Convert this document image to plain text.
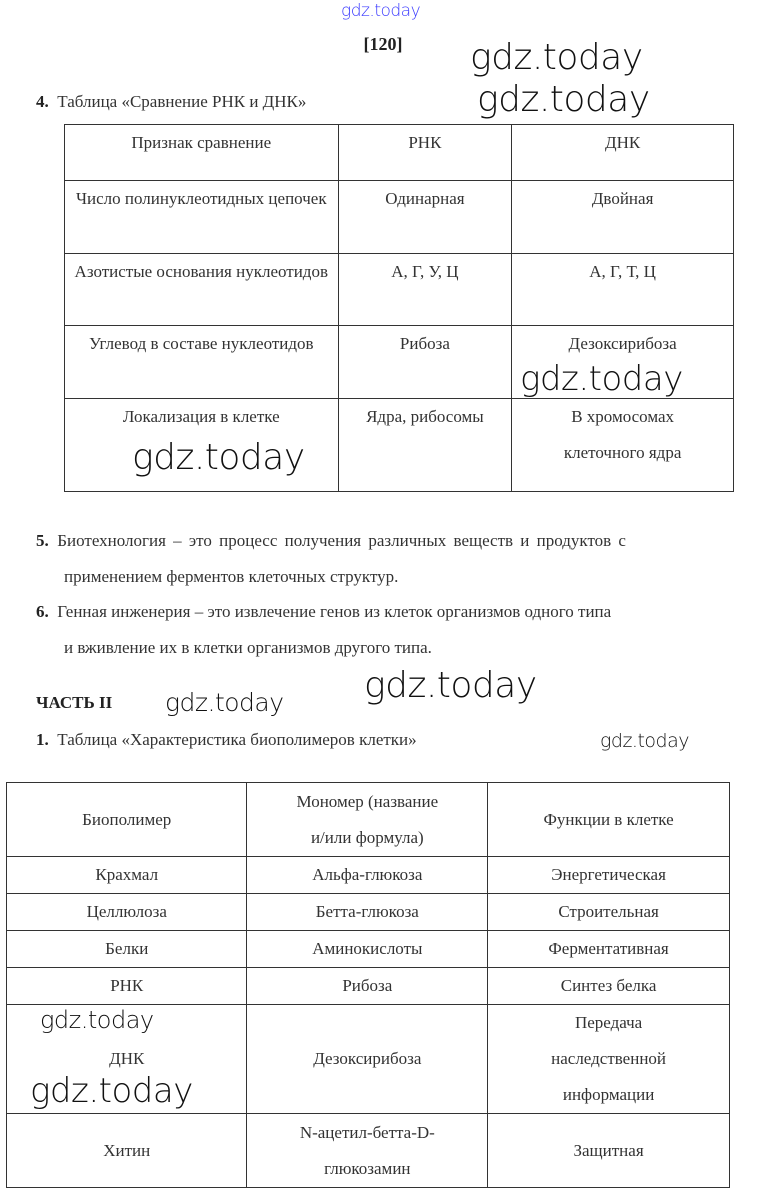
gdz.today
[120]
4. Таблица «Сравнение РНК и ДНК»
Признак сравнение	РНК	ДНК
Число полинуклеотидных цепочек	Одинарная	Двойная
Азотистые основания нуклеотидов	А, Г, У, Ц	А, Г, Т, Ц
Углевод в составе нуклеотидов	Рибоза	Дезоксирибоза
Локализация в клетке	Ядра, рибосомы	В хромосомах клеточного ядра
5. Биотехнология – это процесс получения различных веществ и продуктов с
применением ферментов клеточных структур.
6. Генная инженерия – это извлечение генов из клеток организмов одного типа
и вживление их в клетки организмов другого типа.
ЧАСТЬ II
1. Таблица «Характеристика биополимеров клетки»
Биополимер	Мономер (название и/или формула)	Функции в клетке
Крахмал	Альфа-глюкоза	Энергетическая
Целлюлоза	Бетта-глюкоза	Строительная
Белки	Аминокислоты	Ферментативная
РНК	Рибоза	Синтез белка
ДНК	Дезоксирибоза	Передача наследственной информации
Хитин	N-ацетил-бетта-D-глюкозамин	Защитная
gdz.today
gdz.today
gdz.today
gdz.today
gdz.today gdz.today
gdz.today
gdz.today
gdz.today
